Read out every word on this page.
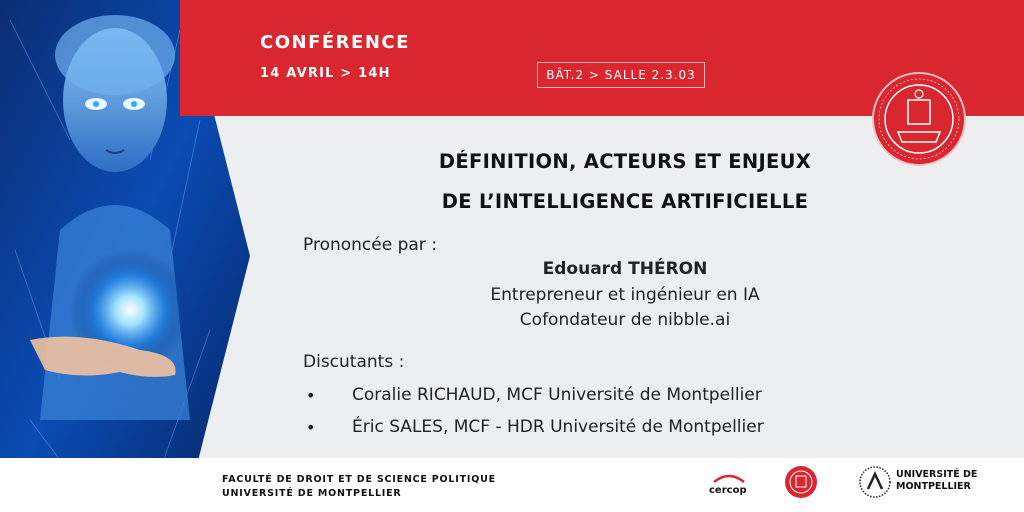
CONFÉRENCE
14 AVRIL > 14H	BÂT.2 > SALLE 2.3.03
DÉFINITION, ACTEURS ET ENJEUX
DE L’INTELLIGENCE ARTIFICIELLE
Prononcée par :
Edouard THÉRON
Entrepreneur et ingénieur en IA
Cofondateur de nibble.ai
Discutants :
• Coralie RICHAUD, MCF Université de Montpellier
• Éric SALES, MCF - HDR Université de Montpellier
FACULTÉ DE DROIT ET DE SCIENCE POLITIQUE
UNIVERSITÉ DE MONTPELLIER	cercop
UNIVERSITÉ DE
MONTPELLIER
